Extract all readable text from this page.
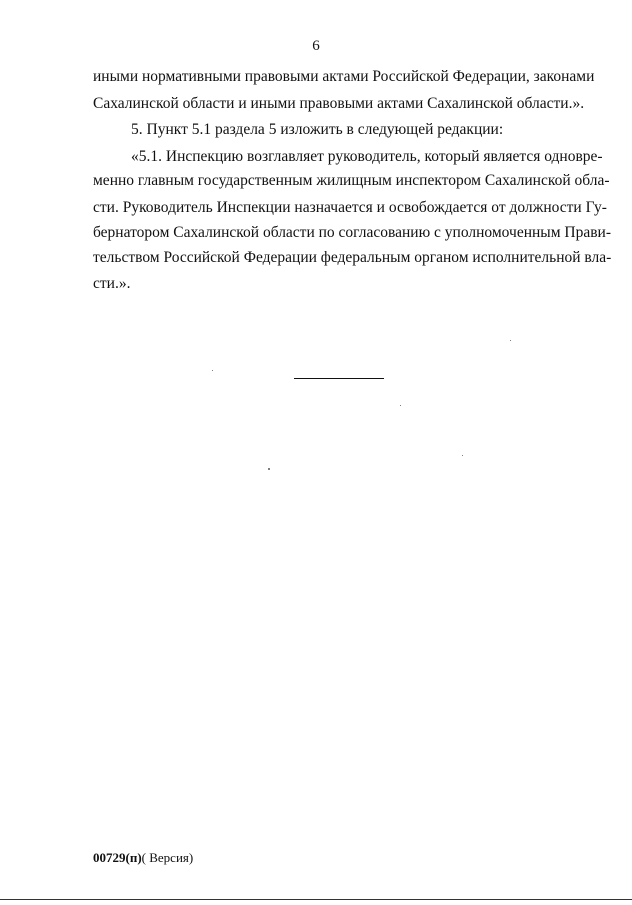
6
иными нормативными правовыми актами Российской Федерации, законами
Сахалинской области и иными правовыми актами Сахалинской области.».
5. Пункт 5.1 раздела 5 изложить в следующей редакции:
«5.1. Инспекцию возглавляет руководитель, который является одновре-
менно главным государственным жилищным инспектором Сахалинской обла-
сти. Руководитель Инспекции назначается и освобождается от должности Гу-
бернатором Сахалинской области по согласованию с уполномоченным Прави-
тельством Российской Федерации федеральным органом исполнительной вла-
сти.».
00729(п)( Версия)
